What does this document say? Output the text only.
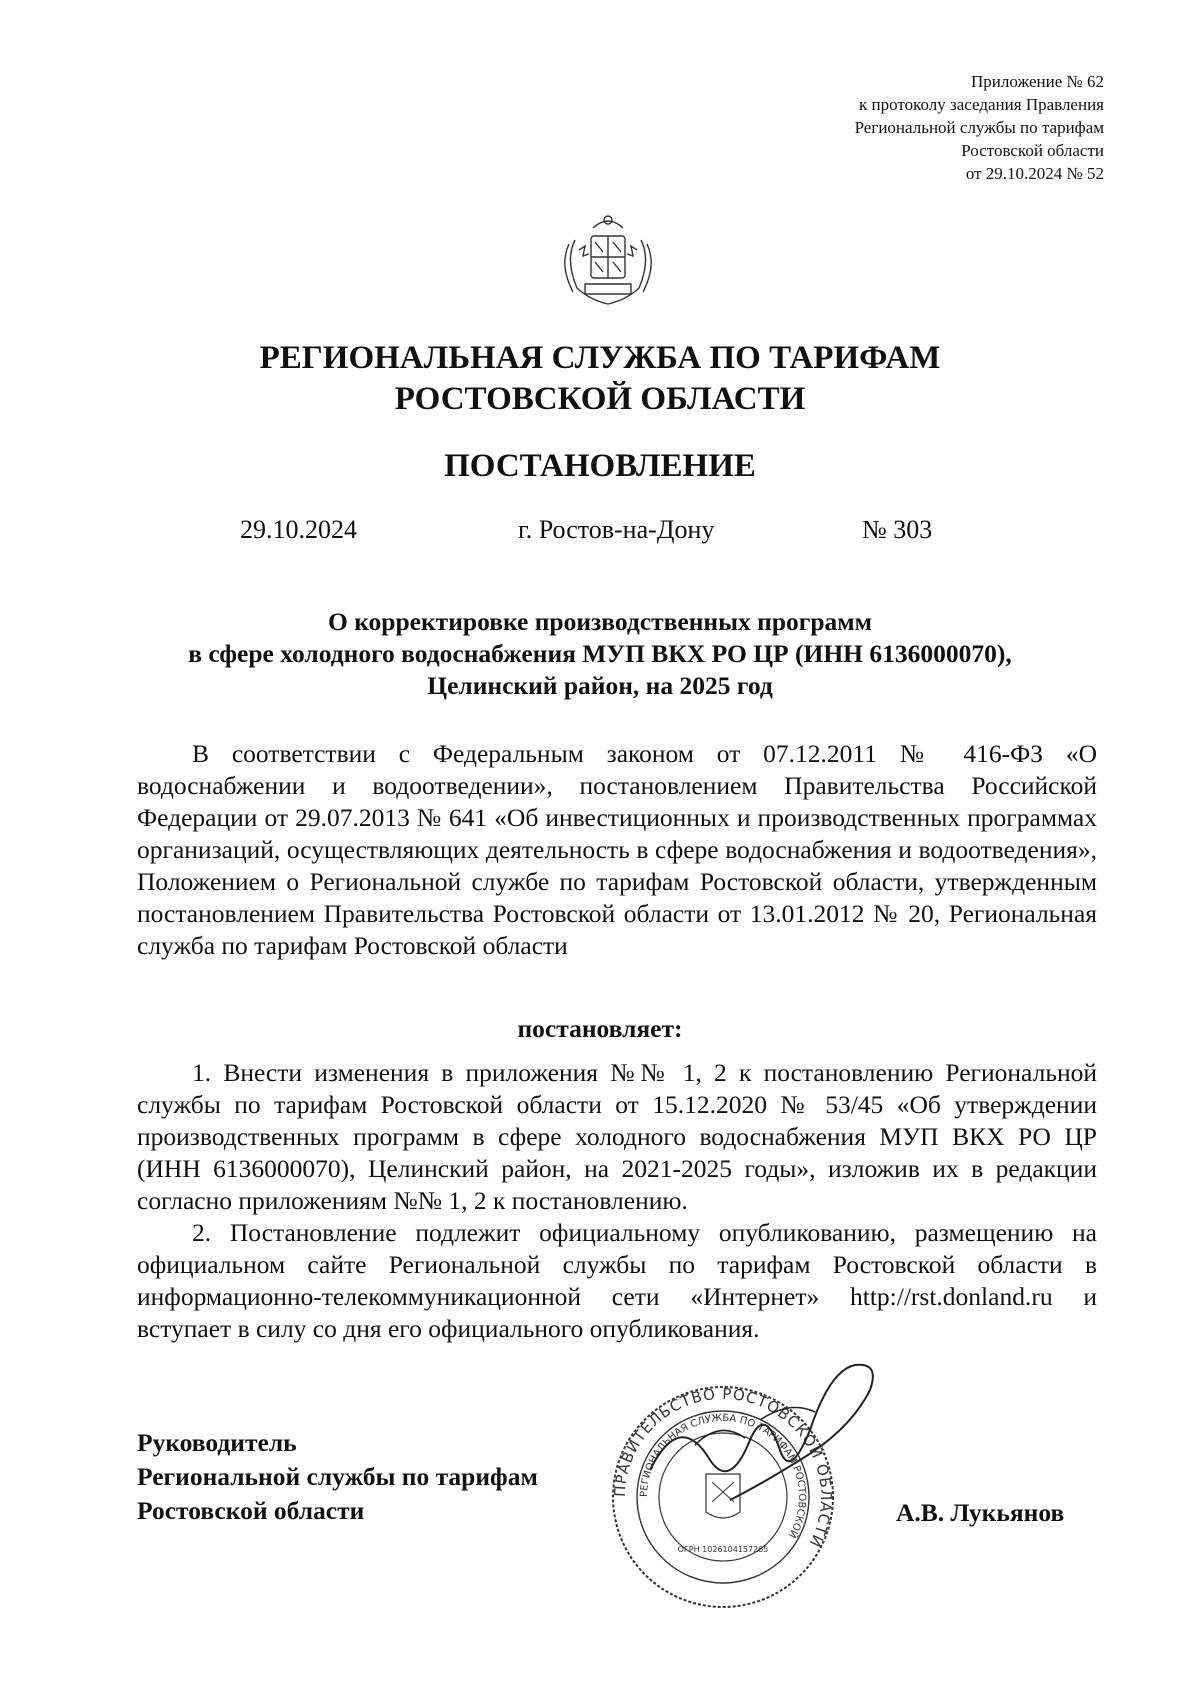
Приложение № 62
к протоколу заседания Правления
Региональной службы по тарифам
Ростовской области
от 29.10.2024 № 52
РЕГИОНАЛЬНАЯ СЛУЖБА ПО ТАРИФАМ
РОСТОВСКОЙ ОБЛАСТИ
ПОСТАНОВЛЕНИЕ
29.10.2024	г. Ростов-на-Дону	№ 303
О корректировке производственных программ
в сфере холодного водоснабжения МУП ВКХ РО ЦР (ИНН 6136000070),
Целинский район, на 2025 год

В соответствии с Федеральным законом от 07.12.2011 № 416-ФЗ «О водоснабжении и водоотведении», постановлением Правительства Российской Федерации от 29.07.2013 № 641 «Об инвестиционных и производственных программах организаций, осуществляющих деятельность в сфере водоснабжения и водоотведения», Положением о Региональной службе по тарифам Ростовской области, утвержденным постановлением Правительства Ростовской области от 13.01.2012 № 20, Региональная служба по тарифам Ростовской области

постановляет:

1. Внести изменения в приложения №№ 1, 2 к постановлению Региональной службы по тарифам Ростовской области от 15.12.2020 № 53/45 «Об утверждении производственных программ в сфере холодного водоснабжения МУП ВКХ РО ЦР (ИНН 6136000070), Целинский район, на 2021-2025 годы», изложив их в редакции согласно приложениям №№ 1, 2 к постановлению.

2. Постановление подлежит официальному опубликованию, размещению на официальном сайте Региональной службы по тарифам Ростовской области в информационно-телекоммуникационной сети «Интернет» http://rst.donland.ru и вступает в силу со дня его официального опубликования.

Руководитель
Региональной службы по тарифам
Ростовской области
ПРАВИТЕЛЬСТВО РОСТОВСКОЙ ОБЛАСТИ
РЕГИОНАЛЬНАЯ СЛУЖБА ПО ТАРИФАМ РОСТОВСКОЙ
ОГРН 1026104157265
А.В. Лукьянов
